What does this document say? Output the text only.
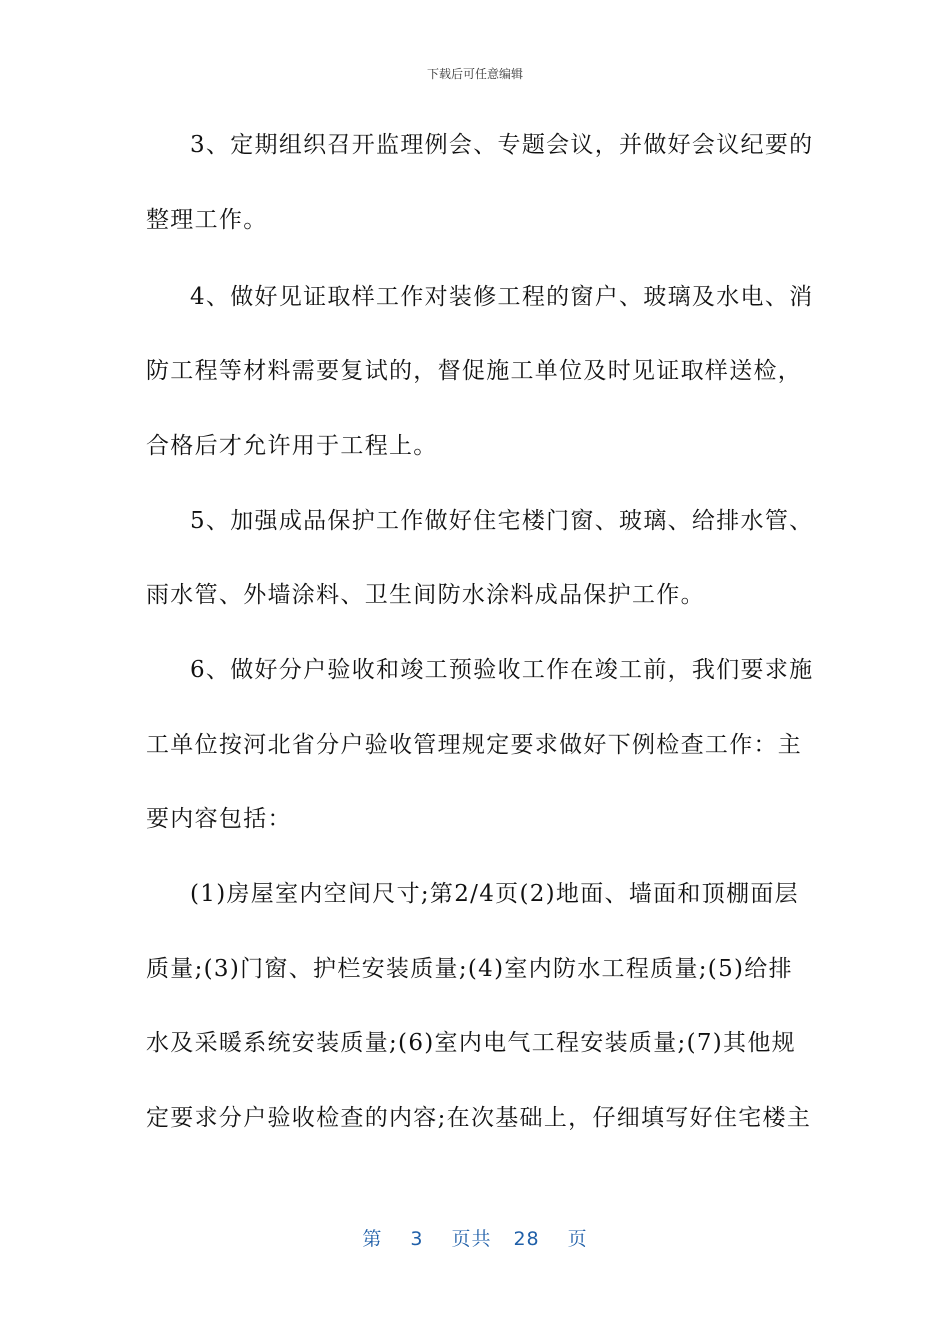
下载后可任意编辑
3、定期组织召开监理例会、专题会议，并做好会议纪要的
整理工作。
4、做好见证取样工作对装修工程的窗户、玻璃及水电、消
防工程等材料需要复试的，督促施工单位及时见证取样送检，
合格后才允许用于工程上。
5、加强成品保护工作做好住宅楼门窗、玻璃、给排水管、
雨水管、外墙涂料、卫生间防水涂料成品保护工作。
6、做好分户验收和竣工预验收工作在竣工前，我们要求施
工单位按河北省分户验收管理规定要求做好下例检查工作：主
要内容包括：
(1)房屋室内空间尺寸;第2/4页(2)地面、墙面和顶棚面层
质量;(3)门窗、护栏安装质量;(4)室内防水工程质量;(5)给排
水及采暖系统安装质量;(6)室内电气工程安装质量;(7)其他规
定要求分户验收检查的内容;在次基础上，仔细填写好住宅楼主
第 3 页共 28 页
